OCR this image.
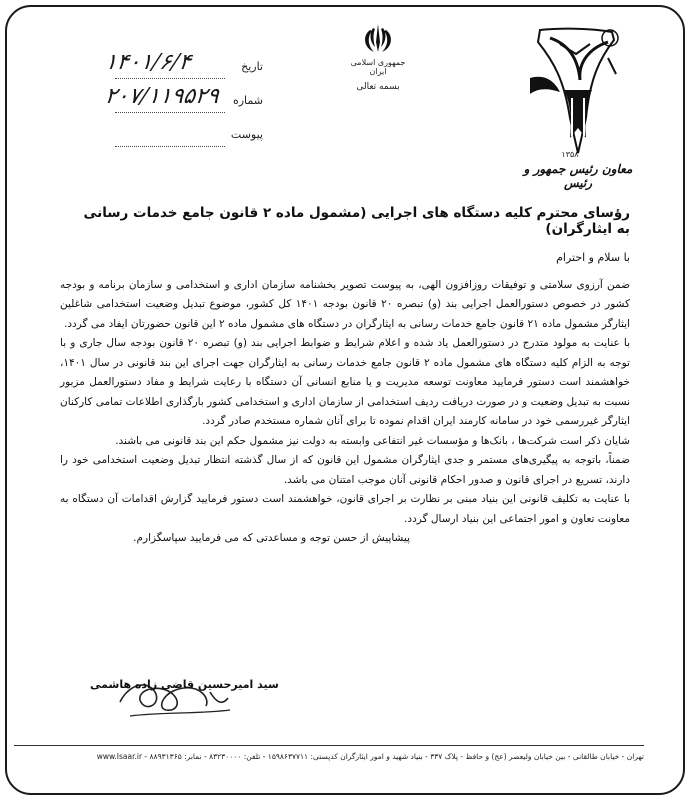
تاریخ
۱۴۰۱/۶/۴
شماره
۲۰۷/۱۱۹۵۲۹
پیوست
جمهوری اسلامی ایران
بسمه تعالی
۱۳۵۸
معاون رئیس جمهور و رئیس
رؤسای محترم کلیه دستگاه های اجرایی (مشمول ماده ۲ قانون جامع خدمات رسانی به ایثارگران)

با سلام و احترام

ضمن آرزوی سلامتی و توفیقات روزافزون الهی، به پیوست تصویر بخشنامه سازمان اداری و استخدامی و سازمان برنامه و بودجه کشور در خصوص دستورالعمل اجرایی بند (و) تبصره ۲۰ قانون بودجه ۱۴۰۱ کل کشور، موضوع تبدیل وضعیت استخدامی شاغلین ایثارگر مشمول ماده ۲۱ قانون جامع خدمات رسانی به ایثارگران در دستگاه های مشمول ماده ۲ این قانون حضورتان ایفاد می گردد.

با عنایت به مولود متدرج در دستورالعمل یاد شده و اعلام شرایط و ضوابط اجرایی بند (و) تبصره ۲۰ قانون بودجه سال جاری و با توجه به الزام کلیه دستگاه های مشمول ماده ۲ قانون جامع خدمات رسانی به ایثارگران جهت اجرای این بند قانونی در سال ۱۴۰۱، خواهشمند است دستور فرمایید معاونت توسعه مدیریت و یا منابع انسانی آن دستگاه با رعایت شرایط و مفاد دستورالعمل مزبور نسبت به تبدیل وضعیت و در صورت دریافت ردیف استخدامی از سازمان اداری و استخدامی کشور بارگذاری اطلاعات تمامی کارکنان ایثارگر غیررسمی خود در سامانه کارمند ایران اقدام نموده تا برای آنان شماره مستخدم صادر گردد.

شایان ذکر است شرکت‌ها ، بانک‌ها و مؤسسات غیر انتفاعی وابسته به دولت نیز مشمول حکم این بند قانونی می باشند.

ضمناً، باتوجه به پیگیری‌های مستمر و جدی ایثارگران مشمول این قانون که از سال گذشته انتظار تبدیل وضعیت استخدامی خود را دارند، تسریع در اجرای قانون و صدور احکام قانونی آنان موجب امتنان می باشد.

با عنایت به تکلیف قانونی این بنیاد مبنی بر نظارت بر اجرای قانون، خواهشمند است دستور فرمایید گزارش اقدامات آن دستگاه به معاونت تعاون و امور اجتماعی این بنیاد ارسال گردد.

پیشاپیش از حسن توجه و مساعدتی که می فرمایید سپاسگزارم.

سید امیرحسین قاضی زاده هاشمی
تهران - خیابان طالقانی - بین خیابان ولیعصر (عج) و حافظ - پلاک ۳۳۷ - بنیاد شهید و امور ایثارگران کدپستی: ۱۵۹۸۶۳۷۷۱۱ - تلفن: ۸۳۲۳۰۰۰۰ - نمابر: ۸۸۹۳۱۳۶۵ - www.Isaar.ir
